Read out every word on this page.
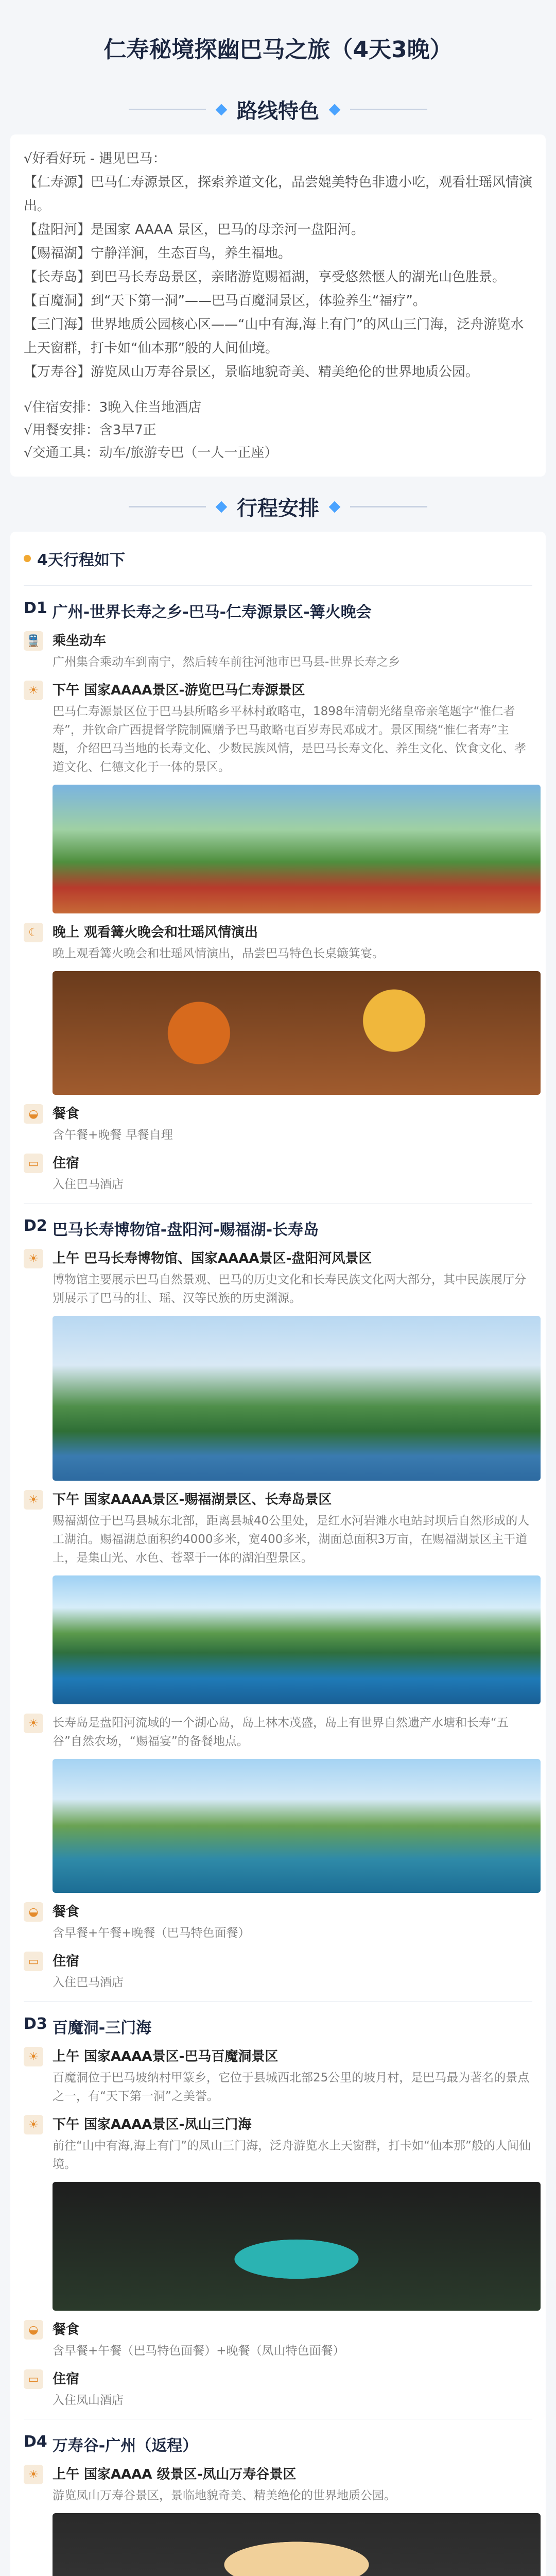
仁寿秘境探幽巴马之旅（4天3晚）
路线特色
√好看好玩 - 遇见巴马：
【仁寿源】巴马仁寿源景区，探索养道文化，品尝媲美特色非遗小吃，观看壮瑶风情演出。
【盘阳河】是国家 AAAA 景区，巴马的母亲河一盘阳河。
【赐福湖】宁静洋涧，生态百鸟，养生福地。
【长寿岛】到巴马长寿岛景区，亲睹游览赐福湖，享受悠然惬人的湖光山色胜景。
【百魔洞】到“天下第一洞”——巴马百魔洞景区，体验养生“福疗”。
【三门海】世界地质公园核心区——“山中有海,海上有门”的风山三门海，泛舟游览水上天窗群，打卡如“仙本那”般的人间仙境。
【万寿谷】游览凤山万寿谷景区，景临地貌奇美、精美绝伦的世界地质公园。
√住宿安排：3晚入住当地酒店
√用餐安排：含3早7正
√交通工具：动车/旅游专巴（一人一正座）
行程安排
4天行程如下
D1 广州-世界长寿之乡-巴马-仁寿源景区-篝火晚会
🚆 乘坐动车
广州集合乘动车到南宁，然后转车前往河池市巴马县-世界长寿之乡
☀	下午 国家AAAA景区-游览巴马仁寿源景区
巴马仁寿源景区位于巴马县所略乡平林村敢略屯，1898年清朝光绪皇帝亲笔题字“惟仁者寿”，并钦命广西提督学院制匾赠予巴马敢略屯百岁寿民邓成才。景区围绕“惟仁者寿”主题，介绍巴马当地的长寿文化、少数民族风情，是巴马长寿文化、养生文化、饮食文化、孝道文化、仁德文化于一体的景区。
☾	晚上 观看篝火晚会和壮瑶风情演出
晚上观看篝火晚会和壮瑶风情演出，品尝巴马特色长桌簸箕宴。
◒	餐食
含午餐+晚餐 早餐自理
▭	住宿
入住巴马酒店
D2 巴马长寿博物馆-盘阳河-赐福湖-长寿岛
☀	上午 巴马长寿博物馆、国家AAAA景区-盘阳河风景区
博物馆主要展示巴马自然景观、巴马的历史文化和长寿民族文化两大部分，其中民族展厅分别展示了巴马的壮、瑶、汉等民族的历史渊源。
☀	下午 国家AAAA景区-赐福湖景区、长寿岛景区
赐福湖位于巴马县城东北部，距离县城40公里处，是红水河岩滩水电站封坝后自然形成的人工湖泊。赐福湖总面积约4000多米，宽400多米，湖面总面积3万亩，在赐福湖景区主干道上，是集山光、水色、苍翠于一体的湖泊型景区。
☀	长寿岛是盘阳河流域的一个湖心岛，岛上林木茂盛，岛上有世界自然遗产水塘和长寿“五谷”自然农场，“赐福宴”的备餐地点。
◒	餐食
含早餐+午餐+晚餐（巴马特色面餐）
▭	住宿
入住巴马酒店
D3 百魔洞-三门海
☀	上午 国家AAAA景区-巴马百魔洞景区
百魔洞位于巴马坡纳村甲篆乡，它位于县城西北部25公里的坡月村，是巴马最为著名的景点之一，有“天下第一洞”之美誉。
☀	下午 国家AAAA景区-凤山三门海
前往“山中有海,海上有门”的凤山三门海，泛舟游览水上天窗群，打卡如“仙本那”般的人间仙境。
◒	餐食
含早餐+午餐（巴马特色面餐）+晚餐（凤山特色面餐）
▭	住宿
入住凤山酒店
D4 万寿谷-广州（返程）
☀	上午 国家AAAA 级景区-凤山万寿谷景区
游览凤山万寿谷景区，景临地貌奇美、精美绝伦的世界地质公园。
